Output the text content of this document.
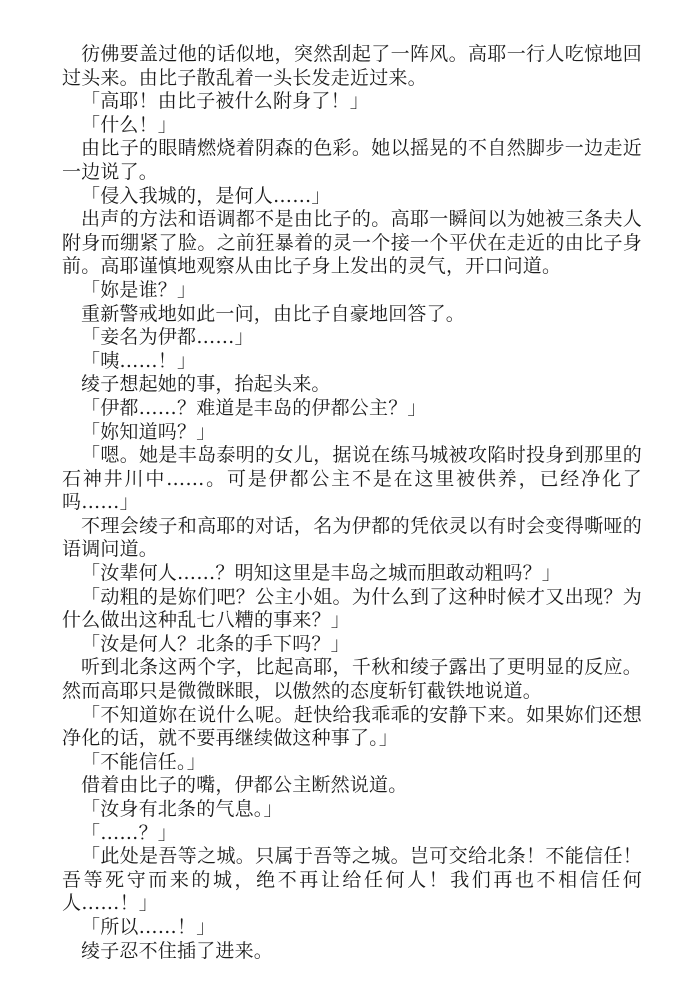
彷佛要盖过他的话似地，突然刮起了一阵风。高耶一行人吃惊地回过头来。由比子散乱着一头长发走近过来。

「高耶！由比子被什么附身了！」

「什么！」

由比子的眼睛燃烧着阴森的色彩。她以摇晃的不自然脚步一边走近一边说了。

「侵入我城的，是何人……」

出声的方法和语调都不是由比子的。高耶一瞬间以为她被三条夫人附身而绷紧了脸。之前狂暴着的灵一个接一个平伏在走近的由比子身前。高耶谨慎地观察从由比子身上发出的灵气，开口问道。

「妳是谁？」

重新警戒地如此一问，由比子自豪地回答了。

「妾名为伊都……」

「咦……！」

绫子想起她的事，抬起头来。

「伊都……？难道是丰岛的伊都公主？」

「妳知道吗？」

「嗯。她是丰岛泰明的女儿，据说在练马城被攻陷时投身到那里的石神井川中……。可是伊都公主不是在这里被供养，已经净化了吗……」

不理会绫子和高耶的对话，名为伊都的凭依灵以有时会变得嘶哑的语调问道。

「汝辈何人……？明知这里是丰岛之城而胆敢动粗吗？」

「动粗的是妳们吧？公主小姐。为什么到了这种时候才又出现？为什么做出这种乱七八糟的事来？」

「汝是何人？北条的手下吗？」

听到北条这两个字，比起高耶，千秋和绫子露出了更明显的反应。然而高耶只是微微眯眼，以傲然的态度斩钉截铁地说道。

「不知道妳在说什么呢。赶快给我乖乖的安静下来。如果妳们还想净化的话，就不要再继续做这种事了。」

「不能信任。」

借着由比子的嘴，伊都公主断然说道。

「汝身有北条的气息。」

「……？」

「此处是吾等之城。只属于吾等之城。岂可交给北条！不能信任！吾等死守而来的城，绝不再让给任何人！我们再也不相信任何人……！」

「所以……！」

绫子忍不住插了进来。
